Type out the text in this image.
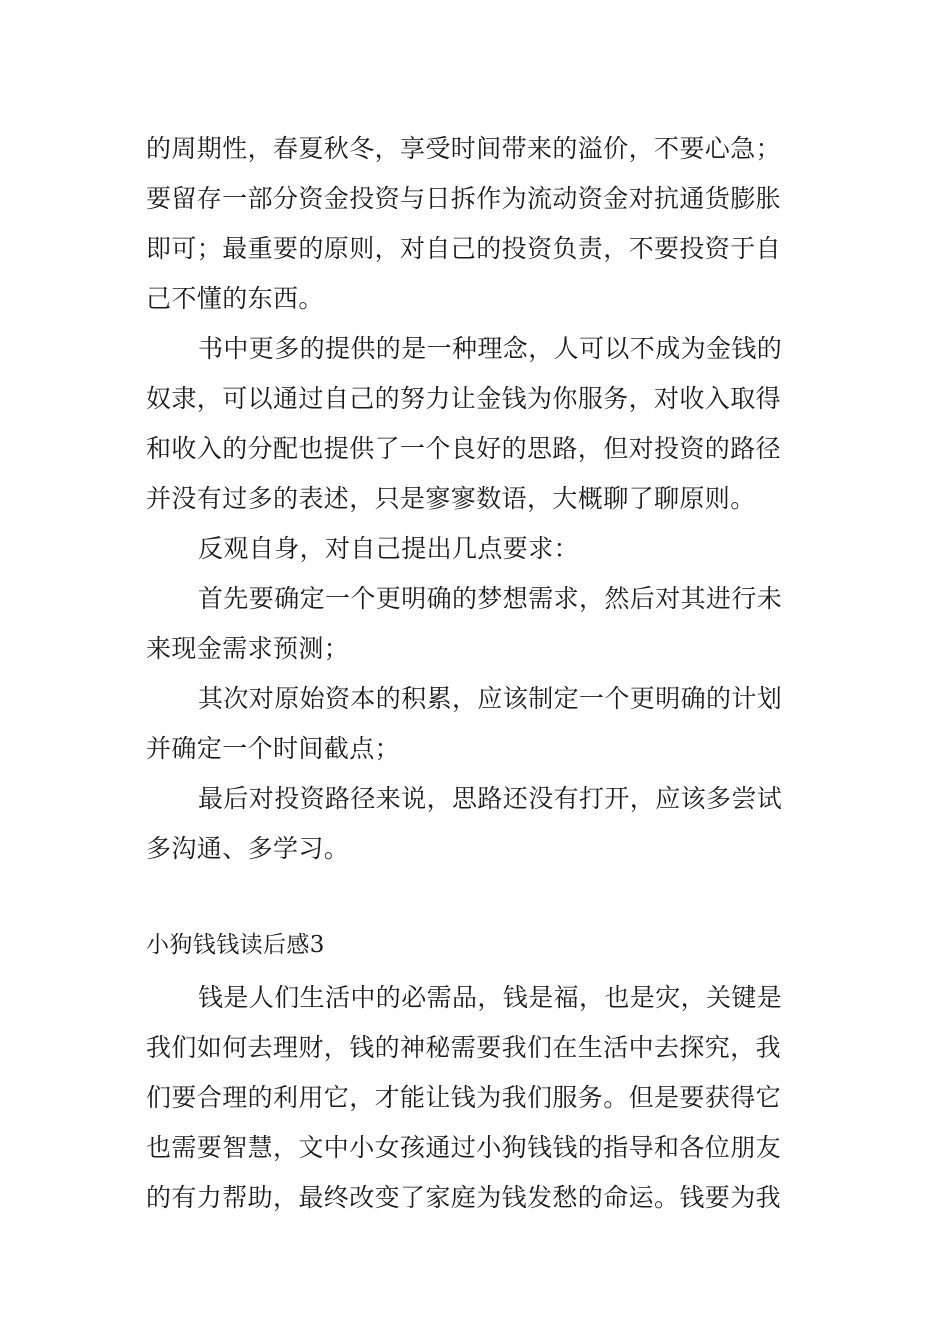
的周期性，春夏秋冬，享受时间带来的溢价，不要心急；
要留存一部分资金投资与日拆作为流动资金对抗通货膨胀
即可；最重要的原则，对自己的投资负责，不要投资于自
己不懂的东西。
书中更多的提供的是一种理念，人可以不成为金钱的
奴隶，可以通过自己的努力让金钱为你服务，对收入取得
和收入的分配也提供了一个良好的思路，但对投资的路径
并没有过多的表述，只是寥寥数语，大概聊了聊原则。
反观自身，对自己提出几点要求：
首先要确定一个更明确的梦想需求，然后对其进行未
来现金需求预测；
其次对原始资本的积累，应该制定一个更明确的计划
并确定一个时间截点；
最后对投资路径来说，思路还没有打开，应该多尝试
多沟通、多学习。
小狗钱钱读后感3
钱是人们生活中的必需品，钱是福，也是灾，关键是
我们如何去理财，钱的神秘需要我们在生活中去探究，我
们要合理的利用它，才能让钱为我们服务。但是要获得它
也需要智慧，文中小女孩通过小狗钱钱的指导和各位朋友
的有力帮助，最终改变了家庭为钱发愁的命运。钱要为我
